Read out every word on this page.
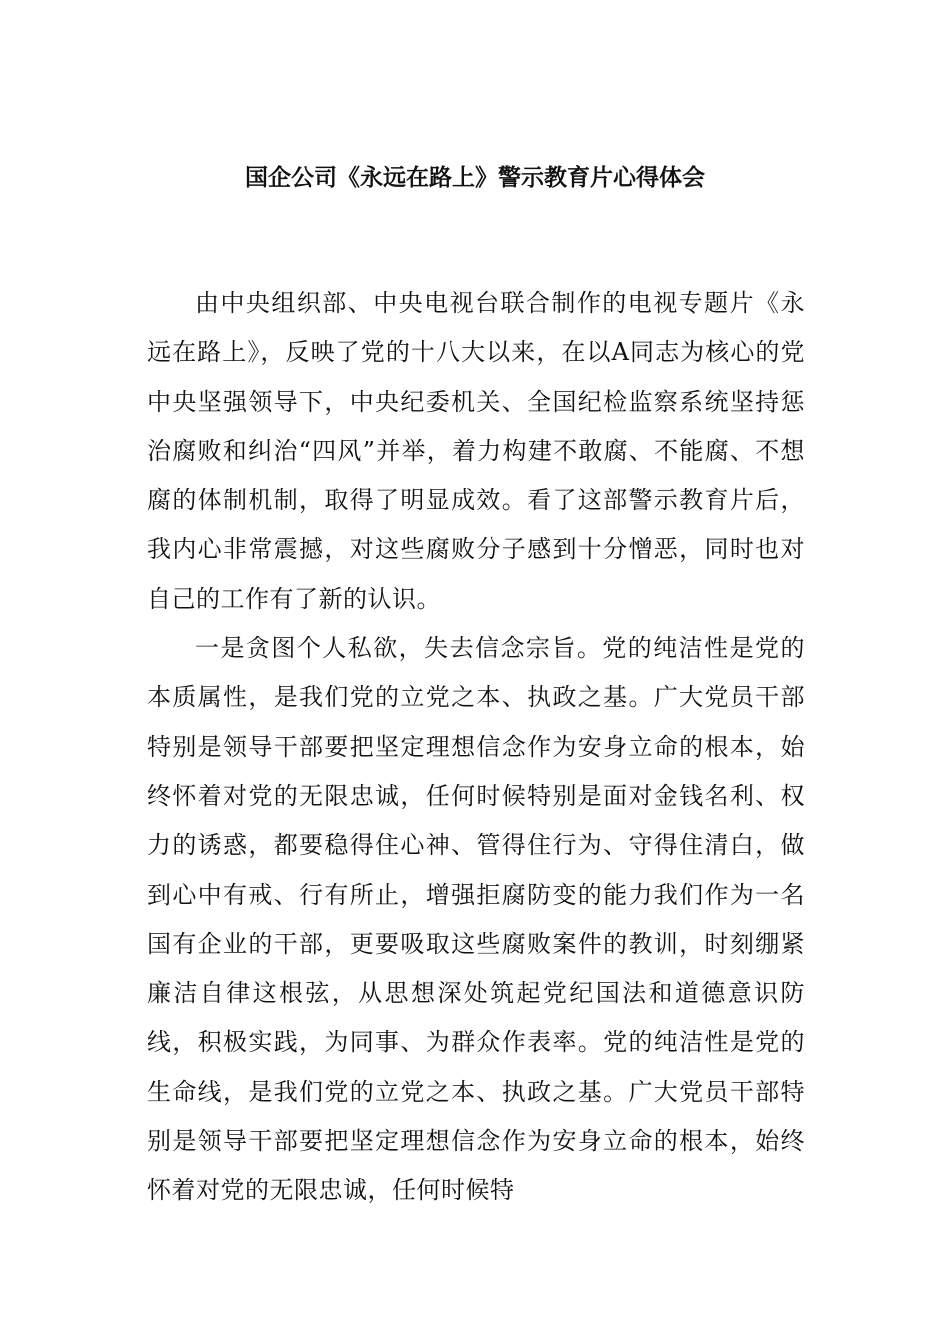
国企公司《永远在路上》警示教育片心得体会

由中央组织部、中央电视台联合制作的电视专题片《永远在路上》，反映了党的十八大以来，在以A同志为核心的党中央坚强领导下，中央纪委机关、全国纪检监察系统坚持惩治腐败和纠治“四风”并举，着力构建不敢腐、不能腐、不想腐的体制机制，取得了明显成效。看了这部警示教育片后，我内心非常震撼，对这些腐败分子感到十分憎恶，同时也对自己的工作有了新的认识。

一是贪图个人私欲，失去信念宗旨。党的纯洁性是党的本质属性，是我们党的立党之本、执政之基。广大党员干部特别是领导干部要把坚定理想信念作为安身立命的根本，始终怀着对党的无限忠诚，任何时候特别是面对金钱名利、权力的诱惑，都要稳得住心神、管得住行为、守得住清白，做到心中有戒、行有所止，增强拒腐防变的能力我们作为一名国有企业的干部，更要吸取这些腐败案件的教训，时刻绷紧廉洁自律这根弦，从思想深处筑起党纪国法和道德意识防线，积极实践，为同事、为群众作表率。党的纯洁性是党的生命线，是我们党的立党之本、执政之基。广大党员干部特别是领导干部要把坚定理想信念作为安身立命的根本，始终怀着对党的无限忠诚，任何时候特
